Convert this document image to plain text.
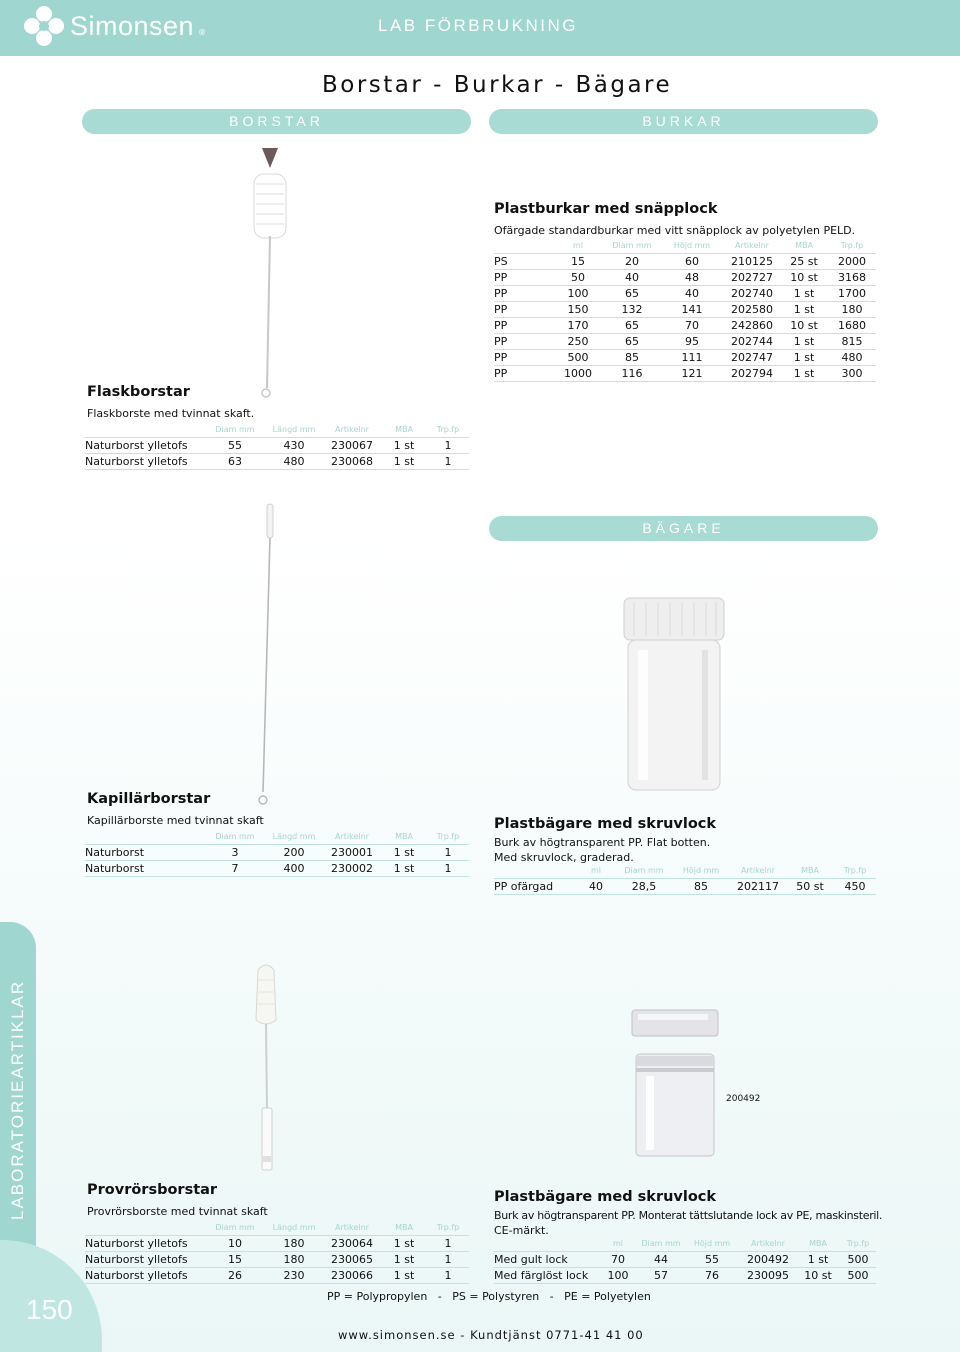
Simonsen ®	LAB FÖRBRUKNING
Borstar - Burkar - Bägare
BORSTAR	BURKAR
BÄGARE
Flaskborstar
Flaskborste med tvinnat skaft.
	Diam mm	Längd mm	Artikelnr	MBA	Trp.fp
Naturborst ylletofs	55	430	230067	1 st	1
Naturborst ylletofs	63	480	230068	1 st	1
Plastburkar med snäpplock
Ofärgade standardburkar med vitt snäpplock av polyetylen PELD.
	ml	Diam mm	Höjd mm	Artikelnr	MBA	Trp.fp
PS	15	20	60	210125	25 st	2000
PP	50	40	48	202727	10 st	3168
PP	100	65	40	202740	1 st	1700
PP	150	132	141	202580	1 st	180
PP	170	65	70	242860	10 st	1680
PP	250	65	95	202744	1 st	815
PP	500	85	111	202747	1 st	480
PP	1000	116	121	202794	1 st	300
Kapillärborstar
Kapillärborste med tvinnat skaft
	Diam mm	Längd mm	Artikelnr	MBA	Trp.fp
Naturborst	3	200	230001	1 st	1
Naturborst	7	400	230002	1 st	1
Plastbägare med skruvlock
Burk av högtransparent PP. Flat botten.
Med skruvlock, graderad.
	ml	Diam mm	Höjd mm	Artikelnr	MBA	Trp.fp
PP ofärgad	40	28,5	85	202117	50 st	450
LABORATORIEARTIKLAR
150
Provrörsborstar
Provrörsborste med tvinnat skaft
	Diam mm	Längd mm	Artikelnr	MBA	Trp.fp
Naturborst ylletofs	10	180	230064	1 st	1
Naturborst ylletofs	15	180	230065	1 st	1
Naturborst ylletofs	26	230	230066	1 st	1
200492
Plastbägare med skruvlock
Burk av högtransparent PP. Monterat tättslutande lock av PE, maskinsteril.
CE-märkt.
	ml	Diam mm	Höjd mm	Artikelnr	MBA	Trp.fp
Med gult lock	70	44	55	200492	1 st	500
Med färglöst lock	100	57	76	230095	10 st	500
PP = Polypropylen   -   PS = Polystyren   -   PE = Polyetylen
www.simonsen.se - Kundtjänst 0771-41 41 00
